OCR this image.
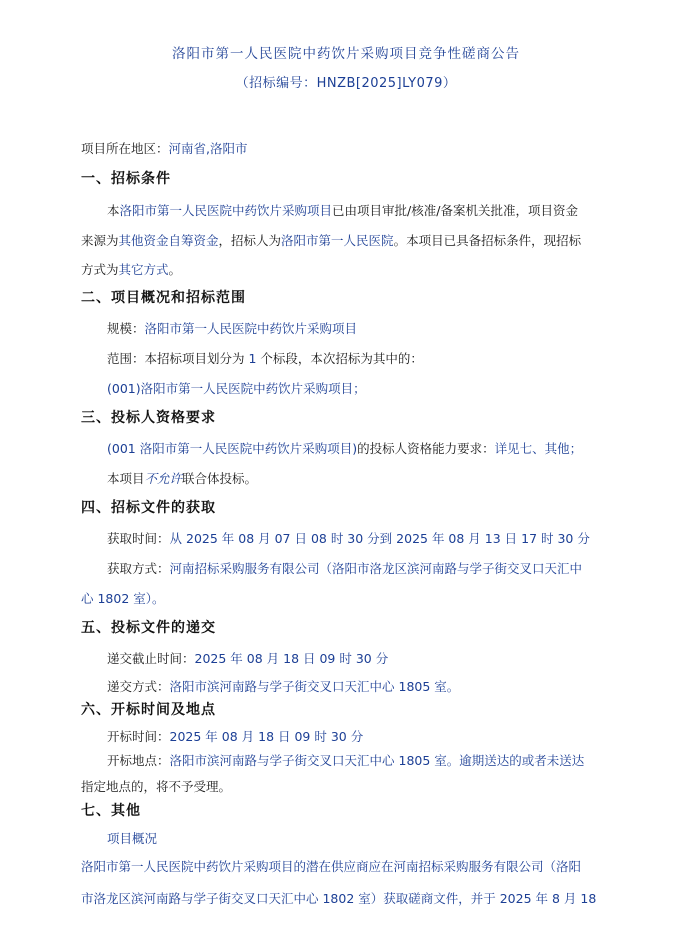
洛阳市第一人民医院中药饮片采购项目竞争性磋商公告
（招标编号：HNZB[2025]LY079）
项目所在地区：河南省,洛阳市
一、招标条件
本洛阳市第一人民医院中药饮片采购项目已由项目审批/核准/备案机关批准，项目资金
来源为其他资金自筹资金，招标人为洛阳市第一人民医院。本项目已具备招标条件，现招标
方式为其它方式。
二、项目概况和招标范围
规模：洛阳市第一人民医院中药饮片采购项目
范围：本招标项目划分为 1 个标段，本次招标为其中的：
(001)洛阳市第一人民医院中药饮片采购项目；
三、投标人资格要求
(001 洛阳市第一人民医院中药饮片采购项目)的投标人资格能力要求：详见七、其他；
本项目不允许联合体投标。
四、招标文件的获取
获取时间：从 2025 年 08 月 07 日 08 时 30 分到 2025 年 08 月 13 日 17 时 30 分
获取方式：河南招标采购服务有限公司（洛阳市洛龙区滨河南路与学子街交叉口天汇中
心 1802 室）。
五、投标文件的递交
递交截止时间：2025 年 08 月 18 日 09 时 30 分
递交方式：洛阳市滨河南路与学子街交叉口天汇中心 1805 室。
六、开标时间及地点
开标时间：2025 年 08 月 18 日 09 时 30 分
开标地点：洛阳市滨河南路与学子街交叉口天汇中心 1805 室。逾期送达的或者未送达
指定地点的，将不予受理。
七、其他
项目概况
洛阳市第一人民医院中药饮片采购项目的潜在供应商应在河南招标采购服务有限公司（洛阳
市洛龙区滨河南路与学子街交叉口天汇中心 1802 室）获取磋商文件，并于 2025 年 8 月 18
